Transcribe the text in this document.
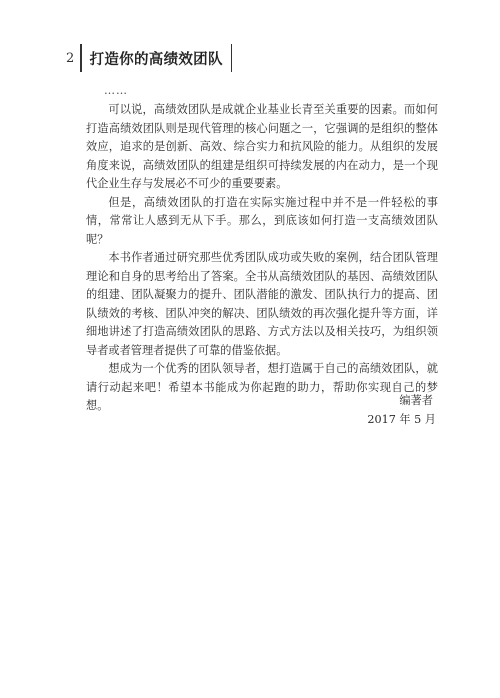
2 打造你的高绩效团队
……

可以说，高绩效团队是成就企业基业长青至关重要的因素。而如何打造高绩效团队则是现代管理的核心问题之一，它强调的是组织的整体效应，追求的是创新、高效、综合实力和抗风险的能力。从组织的发展角度来说，高绩效团队的组建是组织可持续发展的内在动力，是一个现代企业生存与发展必不可少的重要要素。

但是，高绩效团队的打造在实际实施过程中并不是一件轻松的事情，常常让人感到无从下手。那么，到底该如何打造一支高绩效团队呢？

本书作者通过研究那些优秀团队成功或失败的案例，结合团队管理理论和自身的思考给出了答案。全书从高绩效团队的基因、高绩效团队的组建、团队凝聚力的提升、团队潜能的激发、团队执行力的提高、团队绩效的考核、团队冲突的解决、团队绩效的再次强化提升等方面，详细地讲述了打造高绩效团队的思路、方式方法以及相关技巧，为组织领导者或者管理者提供了可靠的借鉴依据。

想成为一个优秀的团队领导者，想打造属于自己的高绩效团队，就请行动起来吧！希望本书能成为你起跑的助力，帮助你实现自己的梦想。	编著者
2017 年 5 月
